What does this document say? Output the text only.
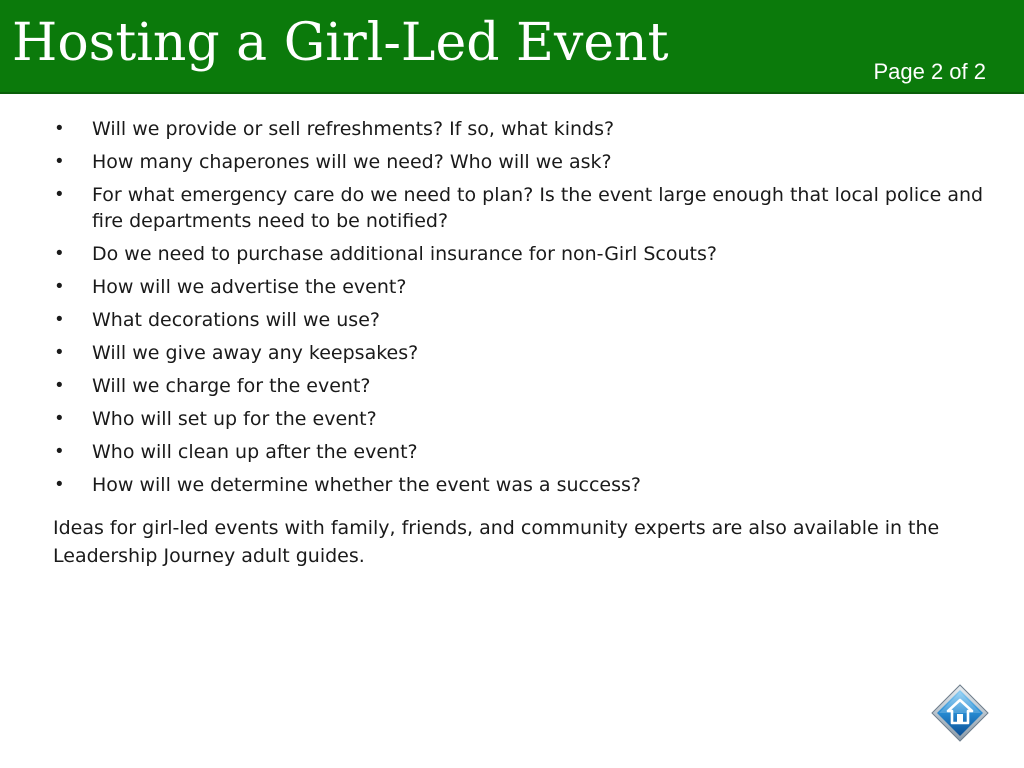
Hosting a Girl-Led Event	Page 2 of 2
• Will we provide or sell refreshments? If so, what kinds?
• How many chaperones will we need? Who will we ask?
• For what emergency care do we need to plan? Is the event large enough that local police and fire departments need to be notified?
• Do we need to purchase additional insurance for non-Girl Scouts?
• How will we advertise the event?
• What decorations will we use?
• Will we give away any keepsakes?
• Will we charge for the event?
• Who will set up for the event?
• Who will clean up after the event?
• How will we determine whether the event was a success?

Ideas for girl-led events with family, friends, and community experts are also available in the Leadership Journey adult guides.
